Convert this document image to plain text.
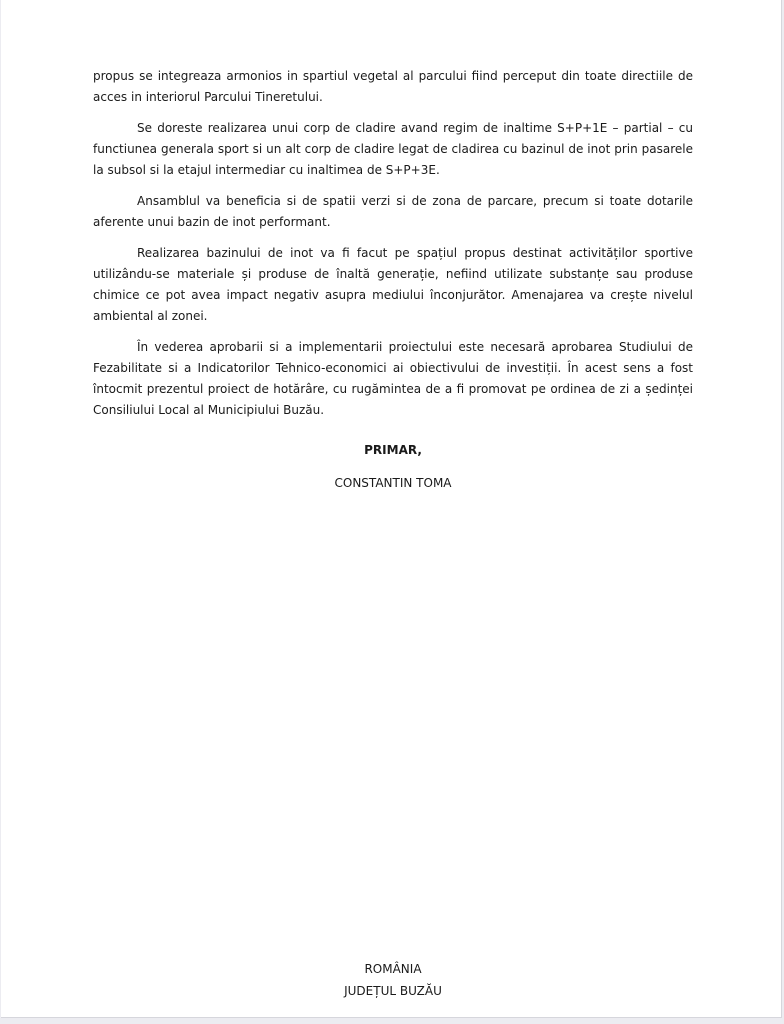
propus se integreaza armonios in spartiul vegetal al parcului fiind perceput din toate directiile de acces in interiorul Parcului Tineretului.

Se doreste realizarea unui corp de cladire avand regim de inaltime S+P+1E – partial – cu functiunea generala sport si un alt corp de cladire legat de cladirea cu bazinul de inot prin pasarele la subsol si la etajul intermediar cu inaltimea de S+P+3E.

Ansamblul va beneficia si de spatii verzi si de zona de parcare, precum si toate dotarile aferente unui bazin de inot performant.

Realizarea bazinului de inot va fi facut pe spațiul propus destinat activităților sportive utilizându-se materiale și produse de înaltă generație, nefiind utilizate substanțe sau produse chimice ce pot avea impact negativ asupra mediului înconjurător. Amenajarea va crește nivelul ambiental al zonei.

În vederea aprobarii si a implementarii proiectului este necesară aprobarea Studiului de Fezabilitate si a Indicatorilor Tehnico-economici ai obiectivului de investiții. În acest sens a fost întocmit prezentul proiect de hotărâre, cu rugămintea de a fi promovat pe ordinea de zi a ședinței Consiliului Local al Municipiului Buzău.

PRIMAR,

CONSTANTIN TOMA

ROMÂNIA
JUDEȚUL BUZĂU
